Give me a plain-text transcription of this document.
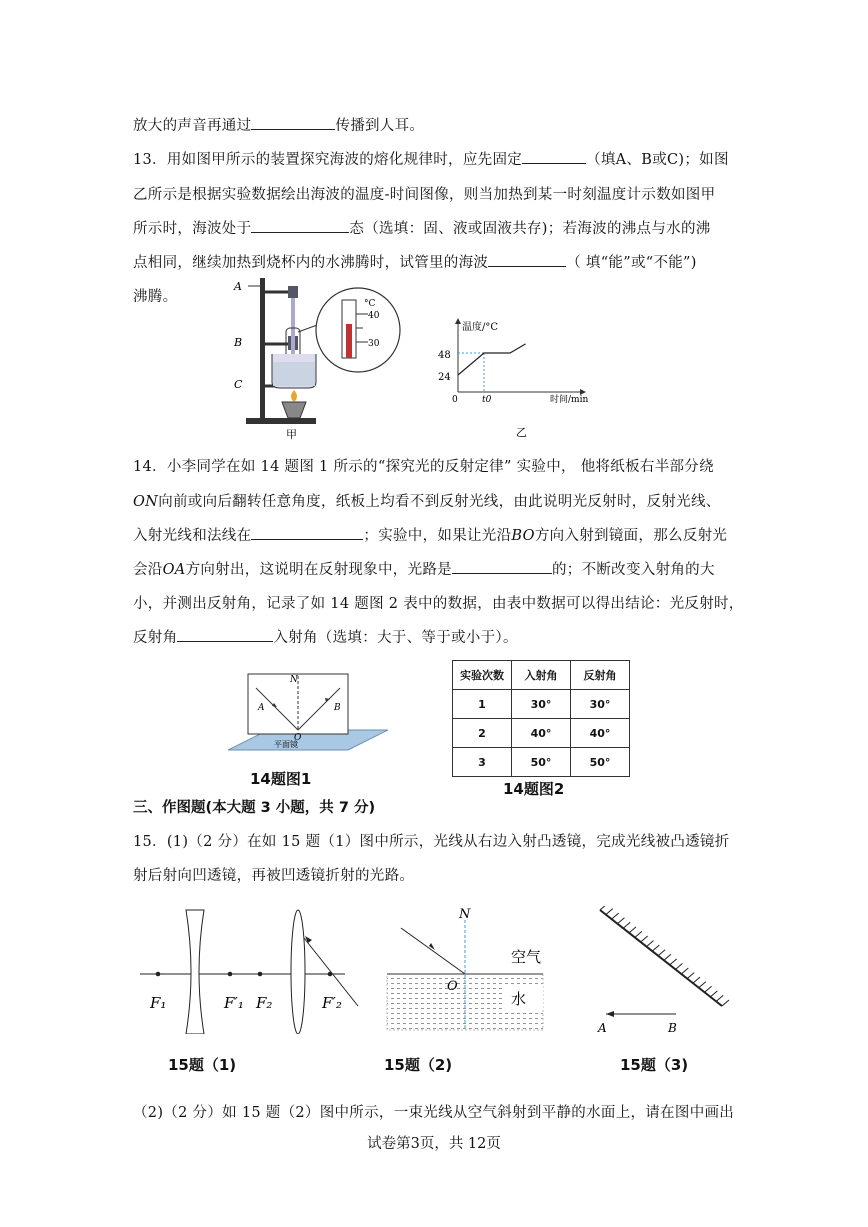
放大的声音再通过	传播到人耳。
13．用如图甲所示的装置探究海波的熔化规律时，应先固定	（填A、B或C)；如图
乙所示是根据实验数据绘出海波的温度-时间图像，则当加热到某一时刻温度计示数如图甲
所示时，海波处于	态（选填：固、液或固液共存)；若海波的沸点与水的沸
点相同，继续加热到烧杯内的水沸腾时，试管里的海波	（ 填“能”或“不能”)
沸腾。
A
B
C
°C
40
30
甲
温度/°C
时间/min
0	t0
48
24
乙
14．小李同学在如 14 题图 1 所示的“探究光的反射定律” 实验中， 他将纸板右半部分绕
ON向前或向后翻转任意角度，纸板上均看不到反射光线，由此说明光反射时，反射光线、
入射光线和法线在	；实验中，如果让光沿BO方向入射到镜面，那么反射光
会沿OA方向射出，这说明在反射现象中，光路是	的；不断改变入射角的大
小，并测出反射角，记录了如 14 题图 2 表中的数据，由表中数据可以得出结论：光反射时，
反射角	入射角（选填：大于、等于或小于）。
N
A	B
O
平面镜
14题图1
实验次数	入射角	反射角
1	30°	30°
2	40°	40°
3	50°	50°
14题图2
三、作图题(本大题 3 小题，共 7 分)
15．(1)（2 分）在如 15 题（1）图中所示，光线从右边入射凸透镜，完成光线被凸透镜折
射后射向凹透镜，再被凹透镜折射的光路。
F₁	F′₁ F₂	F′₂
15题（1)
N
O
空气
水
15题（2)
A	B
15题（3)
（2)（2 分）如 15 题（2）图中所示，一束光线从空气斜射到平静的水面上，请在图中画出
试卷第3页，共 12页
